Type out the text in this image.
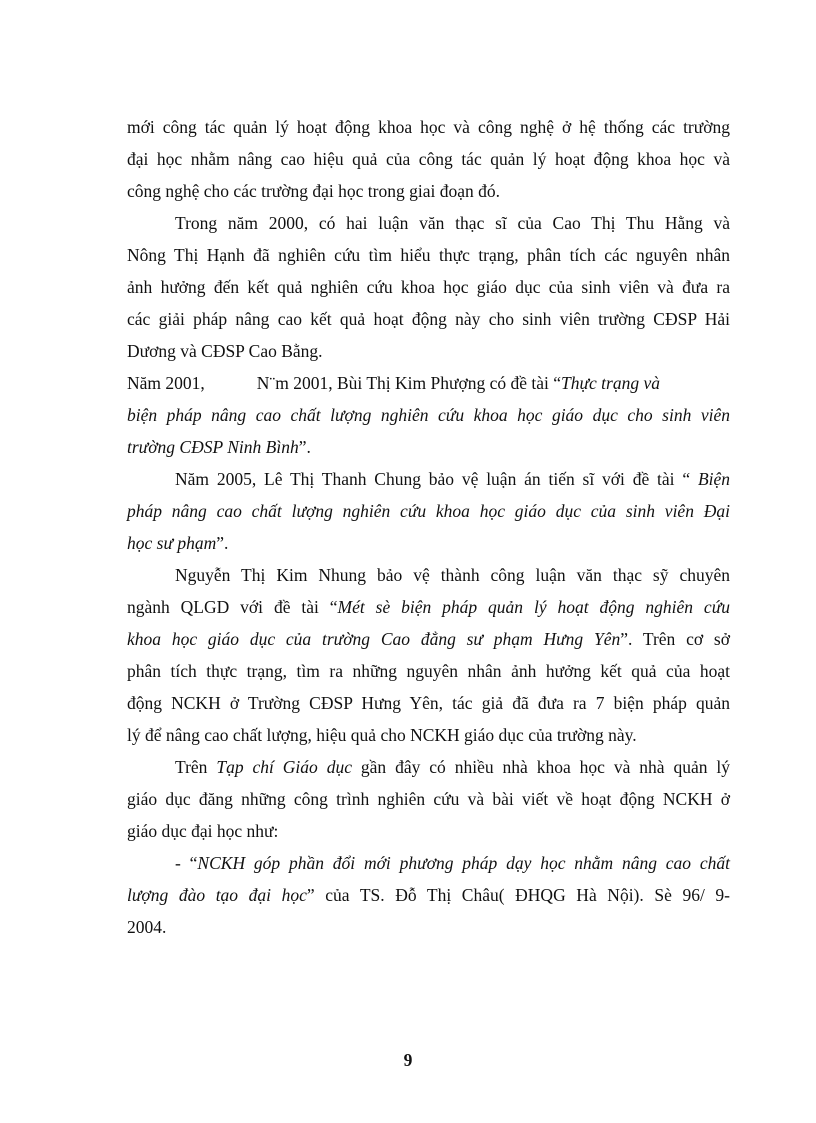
mới công tác quản lý hoạt động khoa học và công nghệ ở hệ thống các trường
đại học nhằm nâng cao hiệu quả của công tác quản lý hoạt động khoa học và
công nghệ cho các trường đại học trong giai đoạn đó.
Trong năm 2000, có hai luận văn thạc sĩ của Cao Thị Thu Hằng và
Nông Thị Hạnh đã nghiên cứu tìm hiểu thực trạng, phân tích các nguyên nhân
ảnh hưởng đến kết quả nghiên cứu khoa học giáo dục của sinh viên và đưa ra
các giải pháp nâng cao kết quả hoạt động này cho sinh viên trường CĐSP Hải
Dương và CĐSP Cao Bằng.
Năm 2001,	N¨m 2001, Bùi Thị Kim Phượng có đề tài “Thực trạng và
biện pháp nâng cao chất lượng nghiên cứu khoa học giáo dục cho sinh viên
trường CĐSP Ninh Bình”.
Năm 2005, Lê Thị Thanh Chung bảo vệ luận án tiến sĩ với đề tài “ Biện
pháp nâng cao chất lượng nghiên cứu khoa học giáo dục của sinh viên Đại
học sư phạm”.
Nguyễn Thị Kim Nhung bảo vệ thành công luận văn thạc sỹ chuyên
ngành QLGD với đề tài “Mét sè biện pháp quản lý hoạt động nghiên cứu
khoa học giáo dục của trường Cao đẳng sư phạm Hưng Yên”. Trên cơ sở
phân tích thực trạng, tìm ra những nguyên nhân ảnh hưởng kết quả của hoạt
động NCKH ở Trường CĐSP Hưng Yên, tác giả đã đưa ra 7 biện pháp quản
lý để nâng cao chất lượng, hiệu quả cho NCKH giáo dục của trường này.
Trên Tạp chí Giáo dục gần đây có nhiều nhà khoa học và nhà quản lý
giáo dục đăng những công trình nghiên cứu và bài viết về hoạt động NCKH ở
giáo dục đại học như:
- “NCKH góp phần đổi mới phương pháp dạy học nhằm nâng cao chất
lượng đào tạo đại học” của TS. Đỗ Thị Châu( ĐHQG Hà Nội). Sè 96/ 9-
2004.
9
